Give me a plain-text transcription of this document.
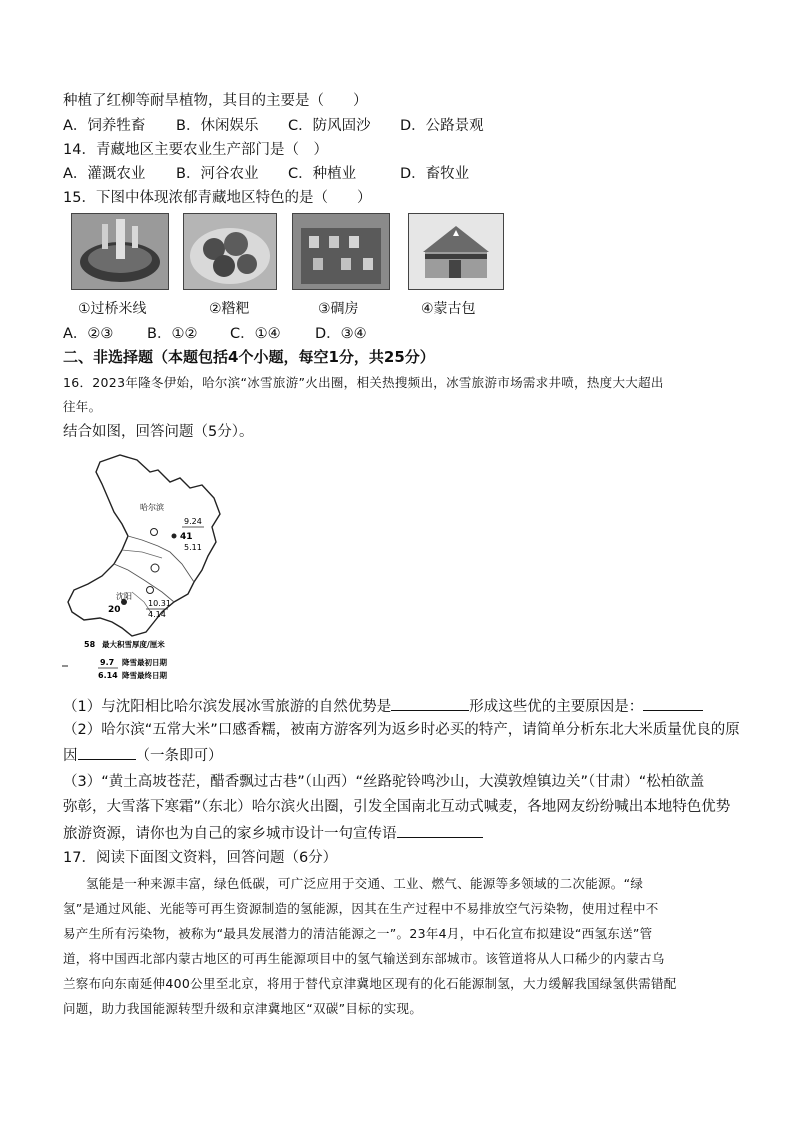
种植了红柳等耐旱植物，其目的主要是（　　）
A．饲养牲畜 B．休闲娱乐 C．防风固沙 D．公路景观
14．青藏地区主要农业生产部门是（　）
A．灌溉农业 B．河谷农业 C．种植业	D．畜牧业
15．下图中体现浓郁青藏地区特色的是（　　）
①过桥米线	②糌粑	③碉房	④蒙古包
A．②③ B．①② C．①④ D．③④
二、非选择题（本题包括4个小题，每空1分，共25分）
16．2023年隆冬伊始，哈尔滨“冰雪旅游”火出圈，相关热搜频出，冰雪旅游市场需求井喷，热度大大超出
往年。
结合如图，回答问题（5分）。
哈尔滨
41
9.24
5.11
沈阳
20
10.31
4.14
58 最大积雪厚度/厘米
9.7 降雪最初日期
6.14 降雪最终日期
（1）与沈阳相比哈尔滨发展冰雪旅游的自然优势是	形成这些优的主要原因是：
（2）哈尔滨“五常大米”口感香糯，被南方游客列为返乡时必买的特产，请简单分析东北大米质量优良的原
因	（一条即可）
（3）“黄土高坡苍茫，醋香飘过古巷”（山西）“丝路驼铃鸣沙山，大漠敦煌镇边关”（甘肃）“松柏欲盖
弥彰，大雪落下寒霜”（东北）哈尔滨火出圈，引发全国南北互动式喊麦，各地网友纷纷喊出本地特色优势
旅游资源，请你也为自己的家乡城市设计一句宣传语
17．阅读下面图文资料，回答问题（6分）
氢能是一种来源丰富，绿色低碳，可广泛应用于交通、工业、燃气、能源等多领域的二次能源。“绿
氢”是通过风能、光能等可再生资源制造的氢能源，因其在生产过程中不易排放空气污染物，使用过程中不
易产生所有污染物，被称为“最具发展潜力的清洁能源之一”。23年4月，中石化宣布拟建设“西氢东送”管
道，将中国西北部内蒙古地区的可再生能源项目中的氢气输送到东部城市。该管道将从人口稀少的内蒙古乌
兰察布向东南延伸400公里至北京，将用于替代京津冀地区现有的化石能源制氢，大力缓解我国绿氢供需错配
问题，助力我国能源转型升级和京津冀地区“双碳”目标的实现。
